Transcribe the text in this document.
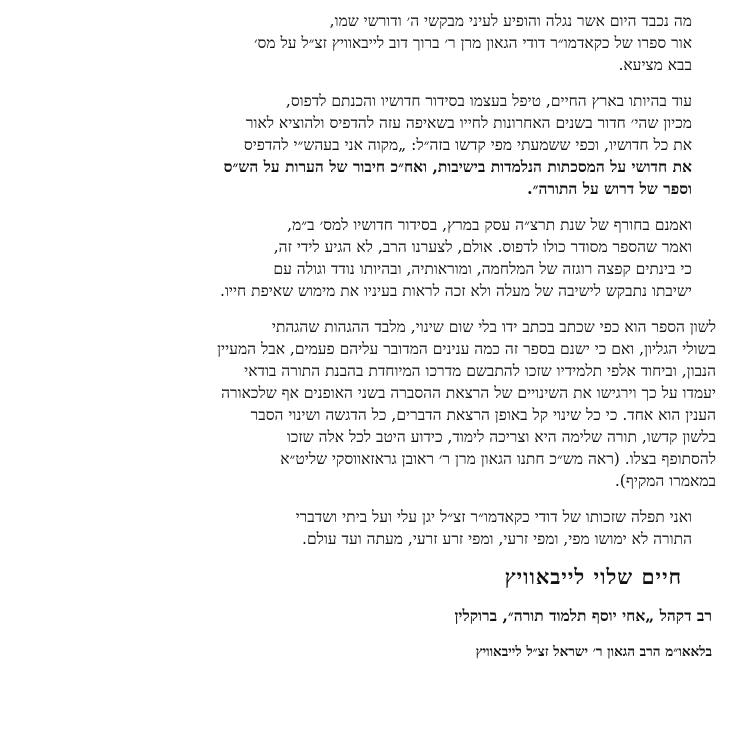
מה נכבד היום אשר נגלה והופיע לעיני מבקשי ה׳ ודורשי שמו,
אור ספרו של כקאדמו״ר דודי הגאון מרן ר׳ ברוך דוב לייבאוויץ זצ״ל על מס׳
בבא מציעא.

עוד בהיותו בארץ החיים, טיפל בעצמו בסידור חדושיו והכנתם לדפוס,
מכיון שהי׳ חדור בשנים האחרונות לחייו בשאיפה עזה להדפיס ולהוציא לאור
את כל חדושיו, וכפי ששמעתי מפי קדשו בזה״ל: „מקוה אני בעהש״י להדפיס
את חדושי על המסכתות הנלמדות בישיבות, ואח״כ חיבור של הערות על הש״ס
וספר של דרוש על התורה״.

ואמנם בחורף של שנת תרצ״ה עסק במרץ, בסידור חדושיו למס׳ ב״מ,
ואמר שהספר מסודר כולו לדפוס. אולם, לצערנו הרב, לא הגיע לידי זה,
כי בינתים קפצה רוגזה של המלחמה, ומוראותיה, ובהיותו נודד וגולה עם
ישיבתו נתבקש לישיבה של מעלה ולא זכה לראות בעיניו את מימוש שאיפת חייו.

לשון הספר הוא כפי שכתב בכתב ידו בלי שום שינוי, מלבד ההגהות שהגהתי
בשולי הגליון, ואם כי ישנם בספר זה כמה ענינים המדובר עליהם פעמים, אבל המעיין
הנבון, וביחוד אלפי תלמידיו שזכו להתבשם מדרכו המיוחדת בהבנת התורה בודאי
יעמדו על כך וירגישו את השינויים של הרצאת ההסברה בשני האופנים אף שלכאורה
הענין הוא אחד. כי כל שינוי קל באופן הרצאת הדברים, כל הדגשה ושינוי הסבר
בלשון קדשו, תורה שלימה היא וצריכה לימוד, כידוע היטב לכל אלה שזכו
להסתופף בצלו. (ראה מש״כ חתנו הגאון מרן ר׳ ראובן גראזאווסקי שליט״א
במאמרו המקיף).

ואני תפלה שזכותו של דודי כקאדמו״ר זצ״ל יגן עלי ועל ביתי ושדברי
התורה לא ימושו מפי, ומפי זרעי, ומפי זרע זרעי, מעתה ועד עולם.

חיים שלוי לייבאוויץ
רב דקהל „אחי יוסף תלמוד תורה״, ברוקלין
בלאאו״מ הרב הגאון ר׳ ישראל זצ״ל לייבאוויץ
